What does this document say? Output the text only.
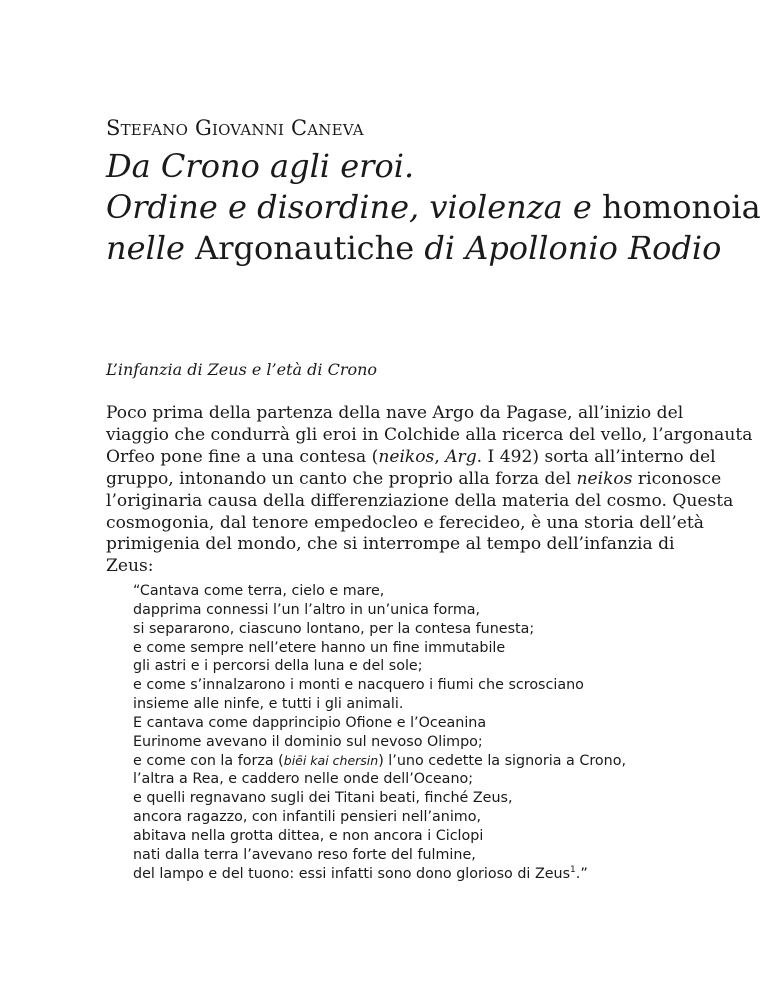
Stefano Giovanni Caneva
Da Crono agli eroi.
Ordine e disordine, violenza e homonoia
nelle Argonautiche di Apollonio Rodio
L’infanzia di Zeus e l’età di Crono
Poco prima della partenza della nave Argo da Pagase, all’inizio del
viaggio che condurrà gli eroi in Colchide alla ricerca del vello, l’argonauta
Orfeo pone fine a una contesa (neikos, Arg. I 492) sorta all’interno del
gruppo, intonando un canto che proprio alla forza del neikos riconosce
l’originaria causa della differenziazione della materia del cosmo. Questa
cosmogonia, dal tenore empedocleo e ferecideo, è una storia dell’età
primigenia del mondo, che si interrompe al tempo dell’infanzia di
Zeus:
“Cantava come terra, cielo e mare,
dapprima connessi l’un l’altro in un’unica forma,
si separarono, ciascuno lontano, per la contesa funesta;
e come sempre nell’etere hanno un fine immutabile
gli astri e i percorsi della luna e del sole;
e come s’innalzarono i monti e nacquero i fiumi che scrosciano
insieme alle ninfe, e tutti i gli animali.
E cantava come dapprincipio Ofione e l’Oceanina
Eurinome avevano il dominio sul nevoso Olimpo;
e come con la forza (biēi kai chersin) l’uno cedette la signoria a Crono,
l’altra a Rea, e caddero nelle onde dell’Oceano;
e quelli regnavano sugli dei Titani beati, finché Zeus,
ancora ragazzo, con infantili pensieri nell’animo,
abitava nella grotta dittea, e non ancora i Ciclopi
nati dalla terra l’avevano reso forte del fulmine,
del lampo e del tuono: essi infatti sono dono glorioso di Zeus$^1$.”
